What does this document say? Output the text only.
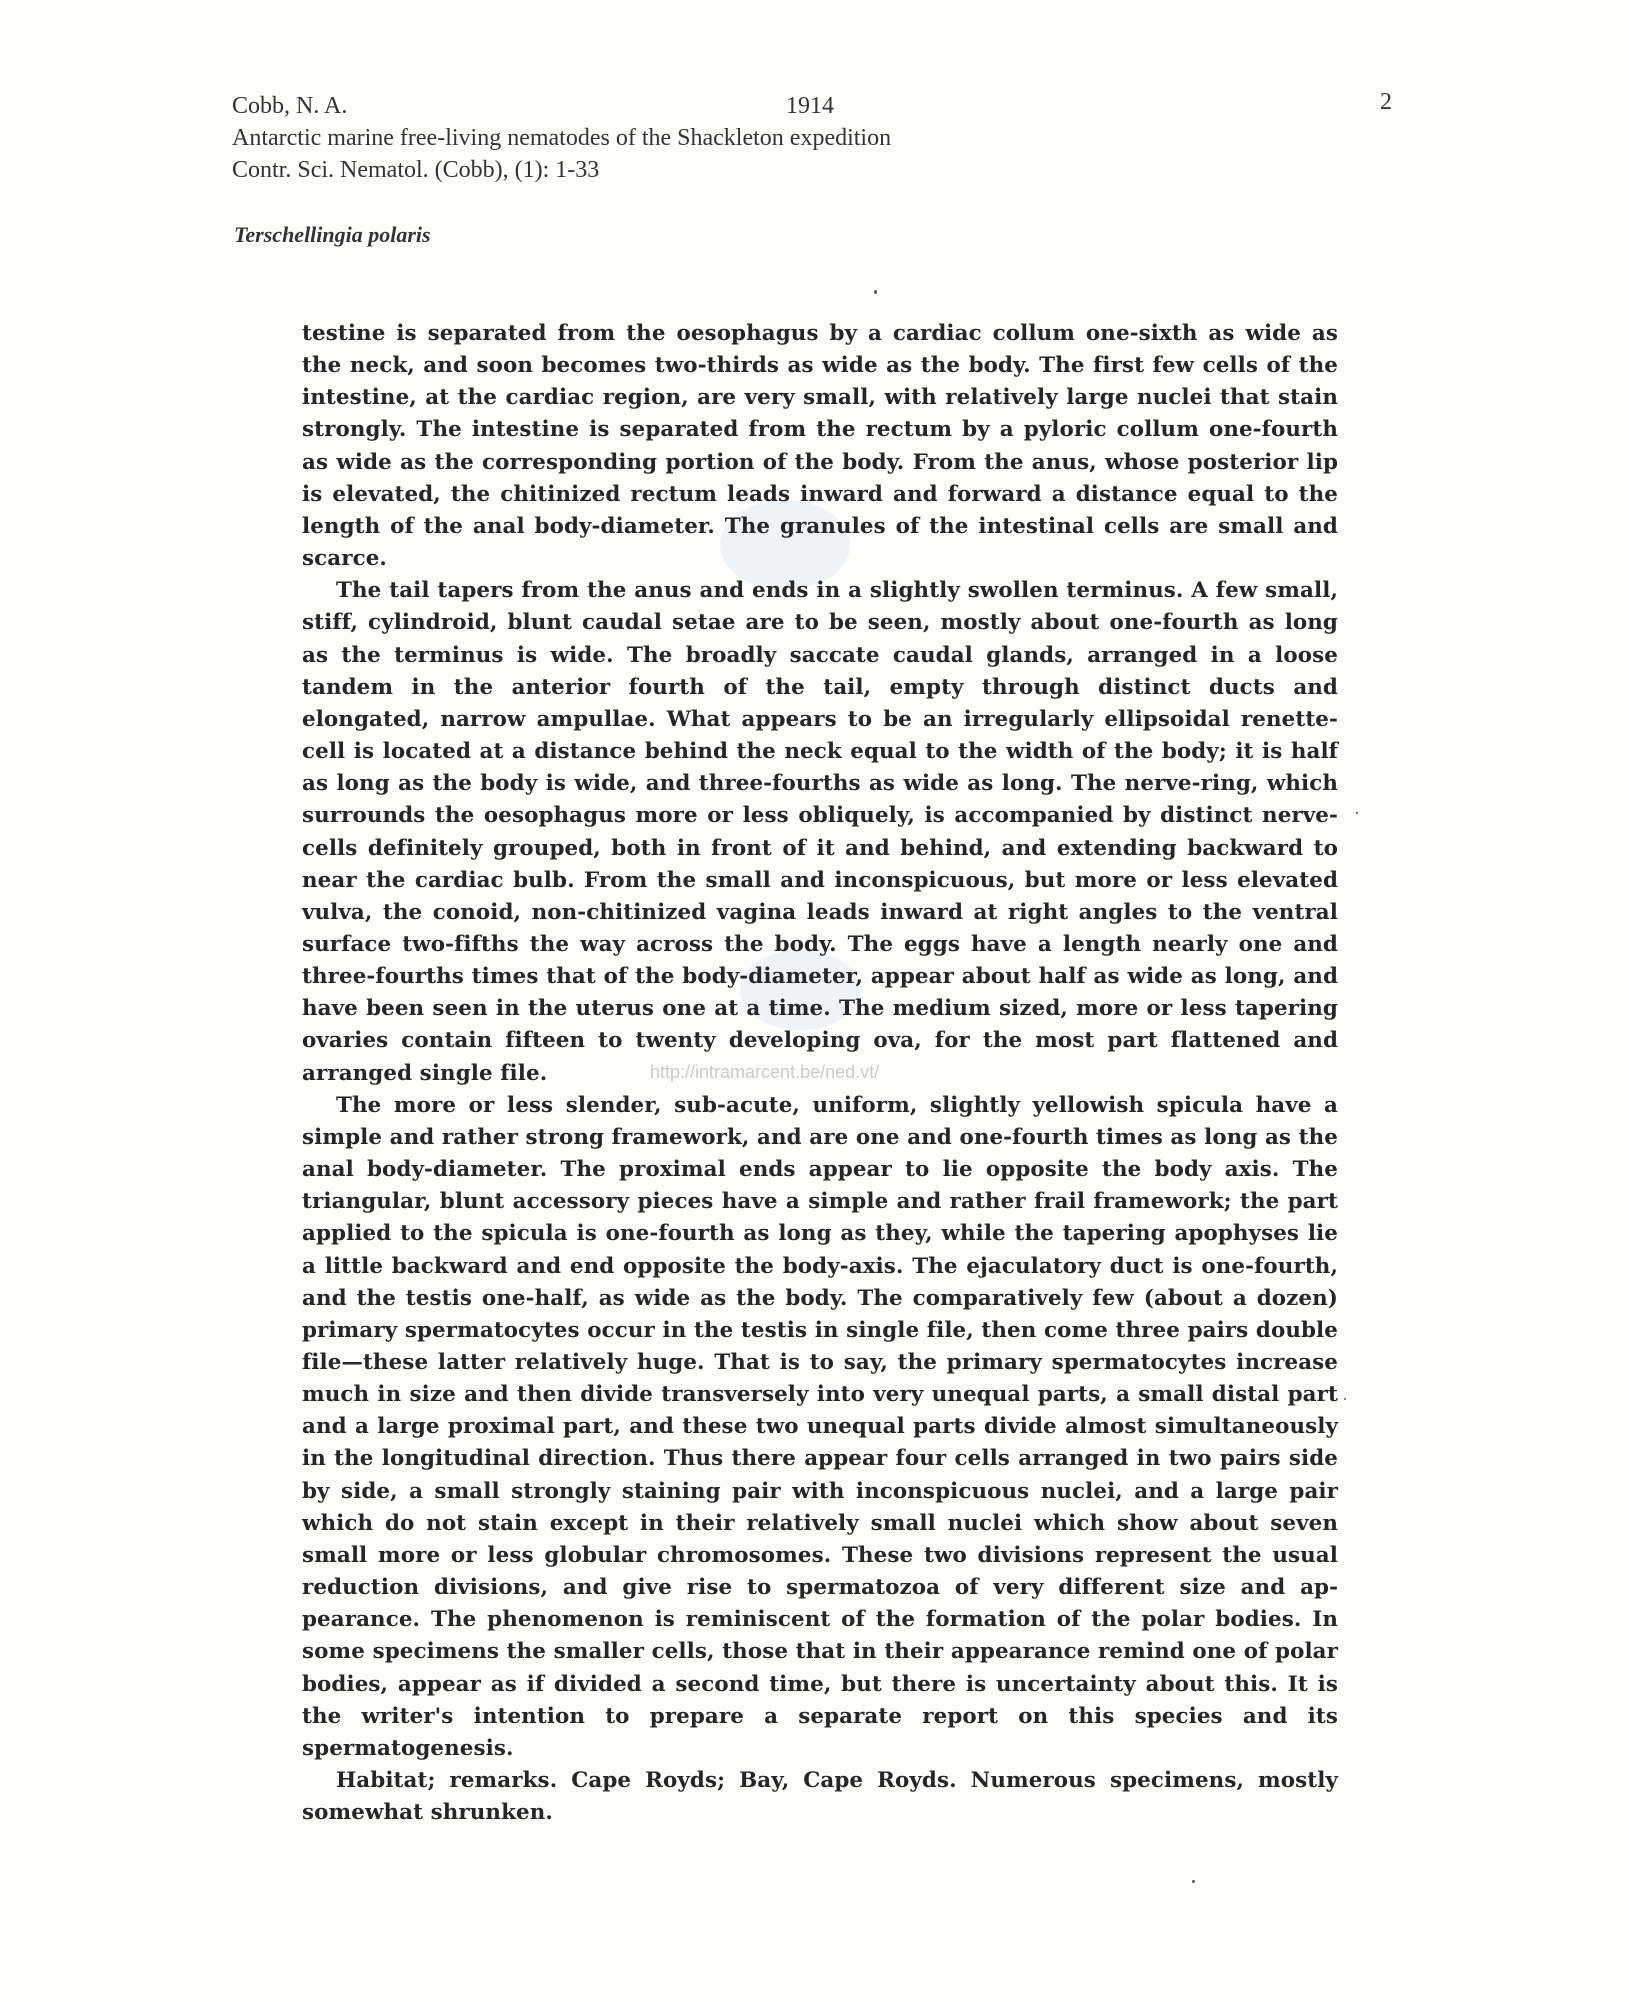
Cobb, N. A.
Antarctic marine free-living nematodes of the Shackleton expedition
Contr. Sci. Nematol. (Cobb), (1): 1-33
1914	2
Terschellingia polaris

testine is separated from the oesophagus by a cardiac collum one-sixth as wide as the neck, and soon becomes two-thirds as wide as the body. The first few cells of the intestine, at the cardiac region, are very small, with relatively large nuclei that stain strongly. The intestine is separated from the rectum by a pyloric collum one-fourth as wide as the corresponding portion of the body. From the anus, whose posterior lip is elevated, the chitinized rectum leads inward and forward a distance equal to the length of the anal body-diameter. The granules of the intestinal cells are small and scarce.

The tail tapers from the anus and ends in a slightly swollen terminus. A few small, stiff, cylindroid, blunt caudal setae are to be seen, mostly about one-fourth as long as the terminus is wide. The broadly saccate caudal glands, arranged in a loose tandem in the anterior fourth of the tail, empty through distinct ducts and elongated, narrow ampullae. What appears to be an irregularly ellipsoidal renette-cell is located at a distance behind the neck equal to the width of the body; it is half as long as the body is wide, and three-fourths as wide as long. The nerve-ring, which surrounds the oesophagus more or less obliquely, is accompanied by distinct nerve-cells definitely grouped, both in front of it and behind, and extending backward to near the cardiac bulb. From the small and inconspicuous, but more or less elevated vulva, the conoid, non-chitinized vagina leads inward at right angles to the ventral surface two-fifths the way across the body. The eggs have a length nearly one and three-fourths times that of the body-diameter, appear about half as wide as long, and have been seen in the uterus one at a time. The medium sized, more or less tapering ovaries contain fifteen to twenty developing ova, for the most part flattened and arranged single file.

The more or less slender, sub-acute, uniform, slightly yellowish spicula have a simple and rather strong framework, and are one and one-fourth times as long as the anal body-diameter. The proximal ends appear to lie opposite the body axis. The triangular, blunt accessory pieces have a simple and rather frail framework; the part applied to the spicula is one-fourth as long as they, while the tapering apophyses lie a little backward and end opposite the body-axis. The ejaculatory duct is one-fourth, and the testis one-half, as wide as the body. The comparatively few (about a dozen) primary spermatocytes occur in the testis in single file, then come three pairs double file—these latter relatively huge. That is to say, the primary spermatocytes increase much in size and then divide transversely into very unequal parts, a small distal part and a large proximal part, and these two unequal parts divide almost simultaneously in the longitudinal direction. Thus there appear four cells arranged in two pairs side by side, a small strongly staining pair with inconspicuous nuclei, and a large pair which do not stain except in their relatively small nuclei which show about seven small more or less globular chromosomes. These two divisions represent the usual reduction divisions, and give rise to spermatozoa of very different size and appearance. The phenomenon is reminiscent of the formation of the polar bodies. In some specimens the smaller cells, those that in their appearance remind one of polar bodies, appear as if divided a second time, but there is uncertainty about this. It is the writer's intention to prepare a separate report on this species and its spermatogenesis.

Habitat; remarks. Cape Royds; Bay, Cape Royds. Numerous specimens, mostly somewhat shrunken.

http://intramarcent.be/ned.vt/
